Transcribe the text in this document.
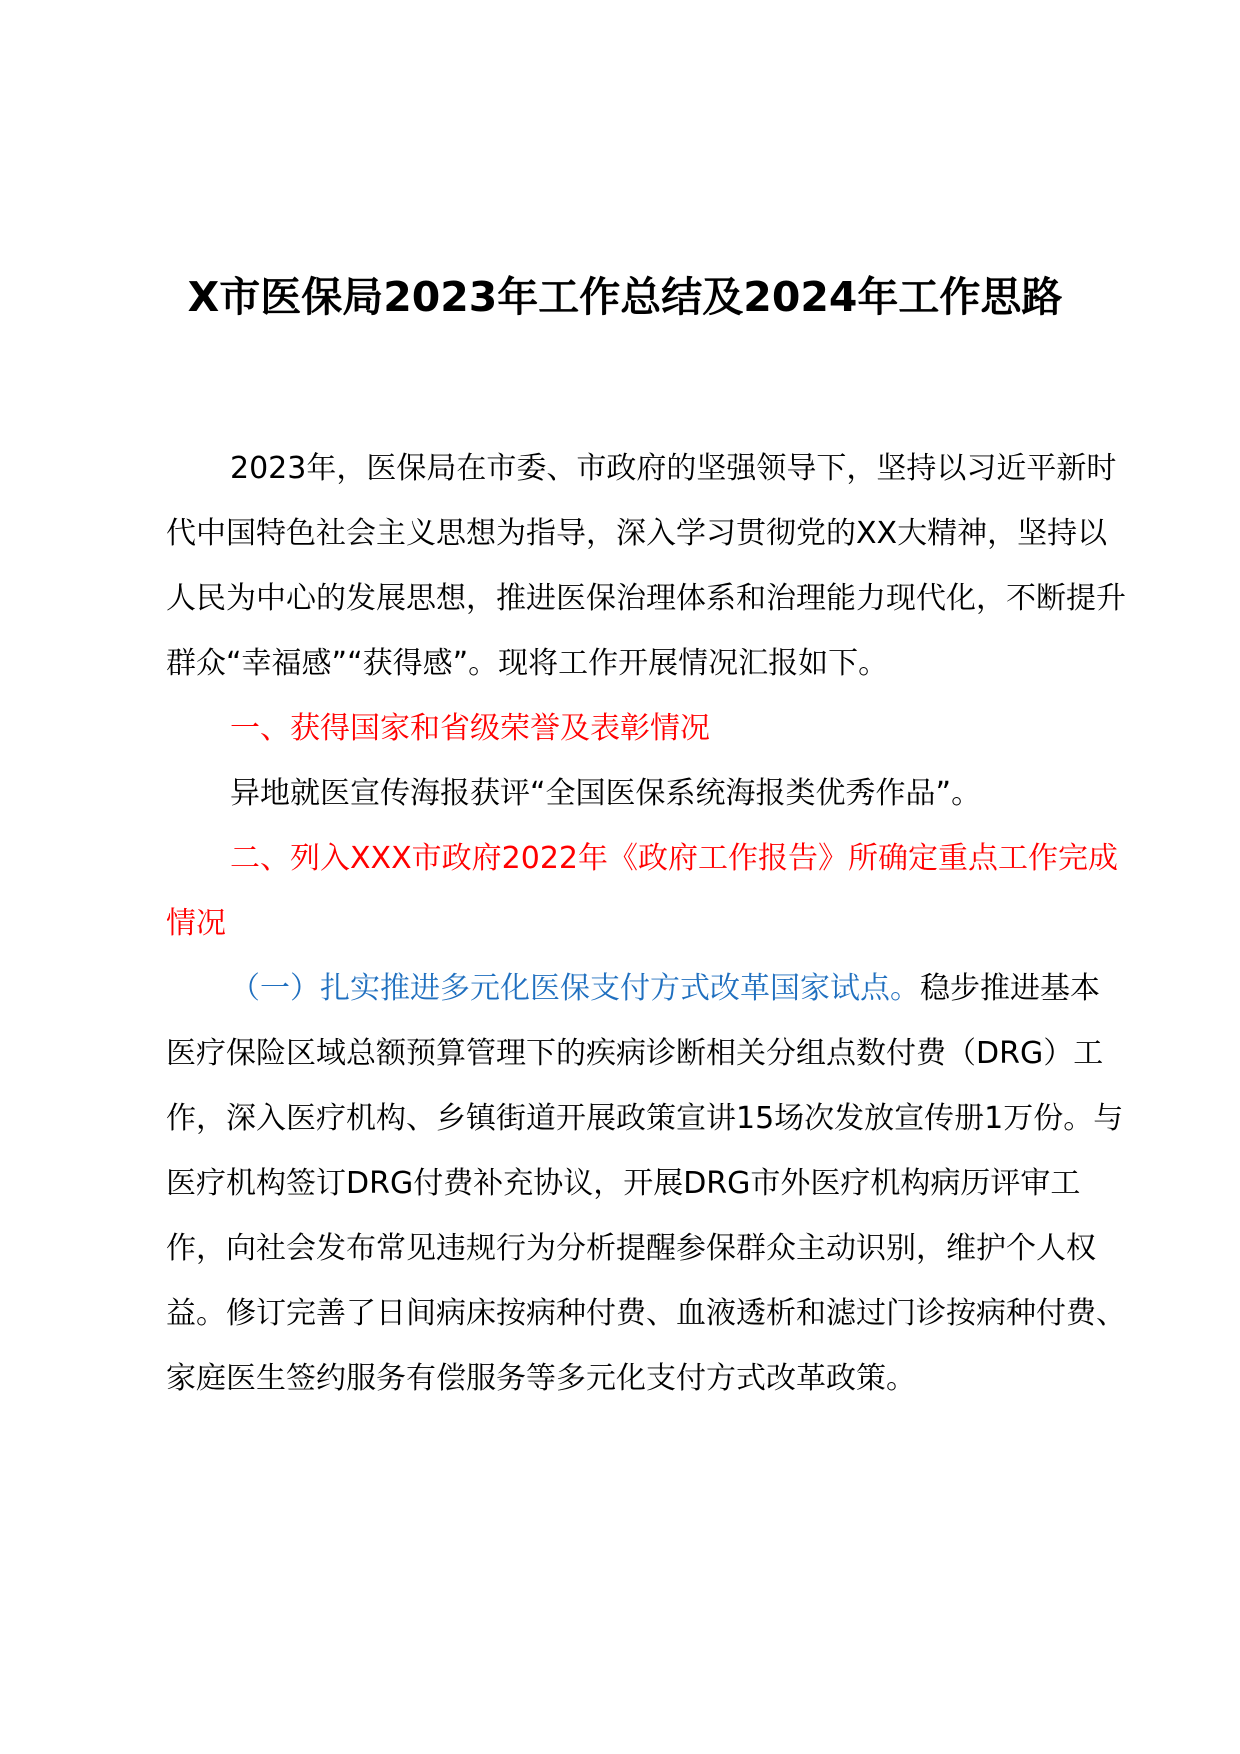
X市医保局2023年工作总结及2024年工作思路

2023年，医保局在市委、市政府的坚强领导下，坚持以习近平新时代中国特色社会主义思想为指导，深入学习贯彻党的XX大精神，坚持以人民为中心的发展思想，推进医保治理体系和治理能力现代化，不断提升群众“幸福感”“获得感”。现将工作开展情况汇报如下。

一、获得国家和省级荣誉及表彰情况

异地就医宣传海报获评“全国医保系统海报类优秀作品”。

二、列入XXX市政府2022年《政府工作报告》所确定重点工作完成情况

（一）扎实推进多元化医保支付方式改革国家试点。稳步推进基本医疗保险区域总额预算管理下的疾病诊断相关分组点数付费（DRG）工作，深入医疗机构、乡镇街道开展政策宣讲15场次发放宣传册1万份。与医疗机构签订DRG付费补充协议，开展DRG市外医疗机构病历评审工作，向社会发布常见违规行为分析提醒参保群众主动识别，维护个人权益。修订完善了日间病床按病种付费、血液透析和滤过门诊按病种付费、家庭医生签约服务有偿服务等多元化支付方式改革政策。
